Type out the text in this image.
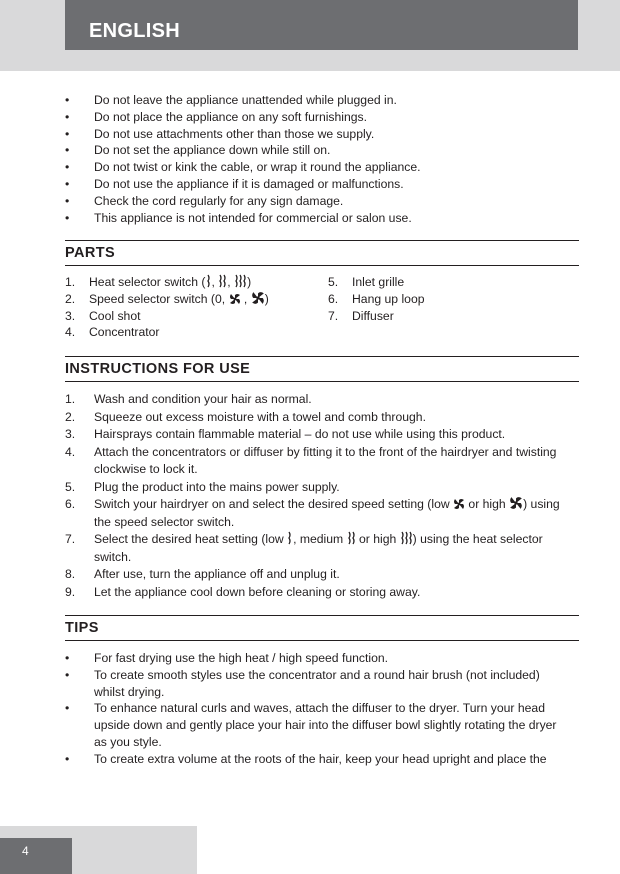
ENGLISH
• Do not leave the appliance unattended while plugged in.
• Do not place the appliance on any soft furnishings.
• Do not use attachments other than those we supply.
• Do not set the appliance down while still on.
• Do not twist or kink the cable, or wrap it round the appliance.
• Do not use the appliance if it is damaged or malfunctions.
• Check the cord regularly for any sign damage.
• This appliance is not intended for commercial or salon use.
PARTS
1. Heat selector switch ( , , )
2. Speed selector switch (0,  , )
3. Cool shot
4. Concentrator
5. Inlet grille
6. Hang up loop
7. Diffuser
INSTRUCTIONS FOR USE
1. Wash and condition your hair as normal.
2. Squeeze out excess moisture with a towel and comb through.
3. Hairsprays contain flammable material – do not use while using this product.
4. Attach the concentrators or diffuser by fitting it to the front of the hairdryer and twisting clockwise to lock it.
5. Plug the product into the mains power supply.
6. Switch your hairdryer on and select the desired speed setting (low  or high ) using the speed selector switch.
7. Select the desired heat setting (low , medium  or high ) using the heat selector switch.
8. After use, turn the appliance off and unplug it.
9. Let the appliance cool down before cleaning or storing away.
TIPS
• For fast drying use the high heat / high speed function.
• To create smooth styles use the concentrator and a round hair brush (not included) whilst drying.
• To enhance natural curls and waves, attach the diffuser to the dryer. Turn your head upside down and gently place your hair into the diffuser bowl slightly rotating the dryer as you style.
• To create extra volume at the roots of the hair, keep your head upright and place the
4
